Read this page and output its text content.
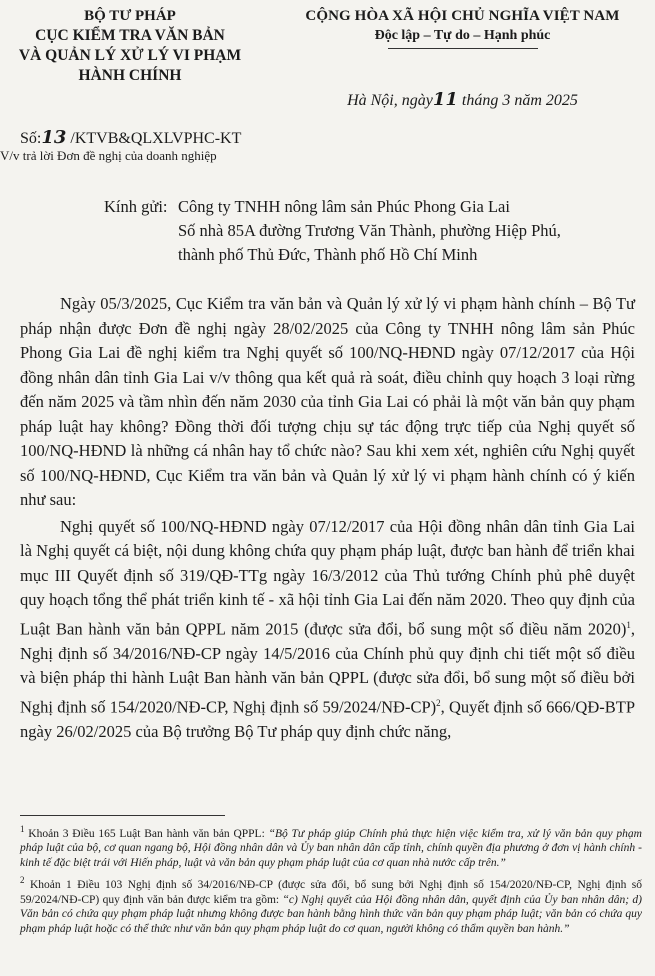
BỘ TƯ PHÁP
CỤC KIỂM TRA VĂN BẢN
VÀ QUẢN LÝ XỬ LÝ VI PHẠM
HÀNH CHÍNH
CỘNG HÒA XÃ HỘI CHỦ NGHĨA VIỆT NAM
Độc lập – Tự do – Hạnh phúc
Hà Nội, ngày11 tháng 3 năm 2025
Số:13 /KTVB&QLXLVPHC-KT
V/v trả lời Đơn đề nghị của doanh nghiệp
Kính gửi: Công ty TNHH nông lâm sản Phúc Phong Gia Lai
Số nhà 85A đường Trương Văn Thành, phường Hiệp Phú,
thành phố Thủ Đức, Thành phố Hồ Chí Minh

Ngày 05/3/2025, Cục Kiểm tra văn bản và Quản lý xử lý vi phạm hành chính – Bộ Tư pháp nhận được Đơn đề nghị ngày 28/02/2025 của Công ty TNHH nông lâm sản Phúc Phong Gia Lai đề nghị kiểm tra Nghị quyết số 100/NQ-HĐND ngày 07/12/2017 của Hội đồng nhân dân tỉnh Gia Lai v/v thông qua kết quả rà soát, điều chỉnh quy hoạch 3 loại rừng đến năm 2025 và tầm nhìn đến năm 2030 của tỉnh Gia Lai có phải là một văn bản quy phạm pháp luật hay không? Đồng thời đối tượng chịu sự tác động trực tiếp của Nghị quyết số 100/NQ-HĐND là những cá nhân hay tổ chức nào? Sau khi xem xét, nghiên cứu Nghị quyết số 100/NQ-HĐND, Cục Kiểm tra văn bản và Quản lý xử lý vi phạm hành chính có ý kiến như sau:

Nghị quyết số 100/NQ-HĐND ngày 07/12/2017 của Hội đồng nhân dân tỉnh Gia Lai là Nghị quyết cá biệt, nội dung không chứa quy phạm pháp luật, được ban hành để triển khai mục III Quyết định số 319/QĐ-TTg ngày 16/3/2012 của Thủ tướng Chính phủ phê duyệt quy hoạch tổng thể phát triển kinh tế - xã hội tỉnh Gia Lai đến năm 2020. Theo quy định của Luật Ban hành văn bản QPPL năm 2015 (được sửa đổi, bổ sung một số điều năm 2020)$^1$, Nghị định số 34/2016/NĐ-CP ngày 14/5/2016 của Chính phủ quy định chi tiết một số điều và biện pháp thi hành Luật Ban hành văn bản QPPL (được sửa đổi, bổ sung một số điều bởi Nghị định số 154/2020/NĐ-CP, Nghị định số 59/2024/NĐ-CP)$^2$, Quyết định số 666/QĐ-BTP ngày 26/02/2025 của Bộ trưởng Bộ Tư pháp quy định chức năng,

$^1$ Khoản 3 Điều 165 Luật Ban hành văn bản QPPL: “Bộ Tư pháp giúp Chính phủ thực hiện việc kiểm tra, xử lý văn bản quy phạm pháp luật của bộ, cơ quan ngang bộ, Hội đồng nhân dân và Ủy ban nhân dân cấp tỉnh, chính quyền địa phương ở đơn vị hành chính - kinh tế đặc biệt trái với Hiến pháp, luật và văn bản quy phạm pháp luật của cơ quan nhà nước cấp trên.”

$^2$ Khoản 1 Điều 103 Nghị định số 34/2016/NĐ-CP (được sửa đổi, bổ sung bởi Nghị định số 154/2020/NĐ-CP, Nghị định số 59/2024/NĐ-CP) quy định văn bản được kiểm tra gồm: “c) Nghị quyết của Hội đồng nhân dân, quyết định của Ủy ban nhân dân; d) Văn bản có chứa quy phạm pháp luật nhưng không được ban hành bằng hình thức văn bản quy phạm pháp luật; văn bản có chứa quy phạm pháp luật hoặc có thể thức như văn bản quy phạm pháp luật do cơ quan, người không có thẩm quyền ban hành.”
